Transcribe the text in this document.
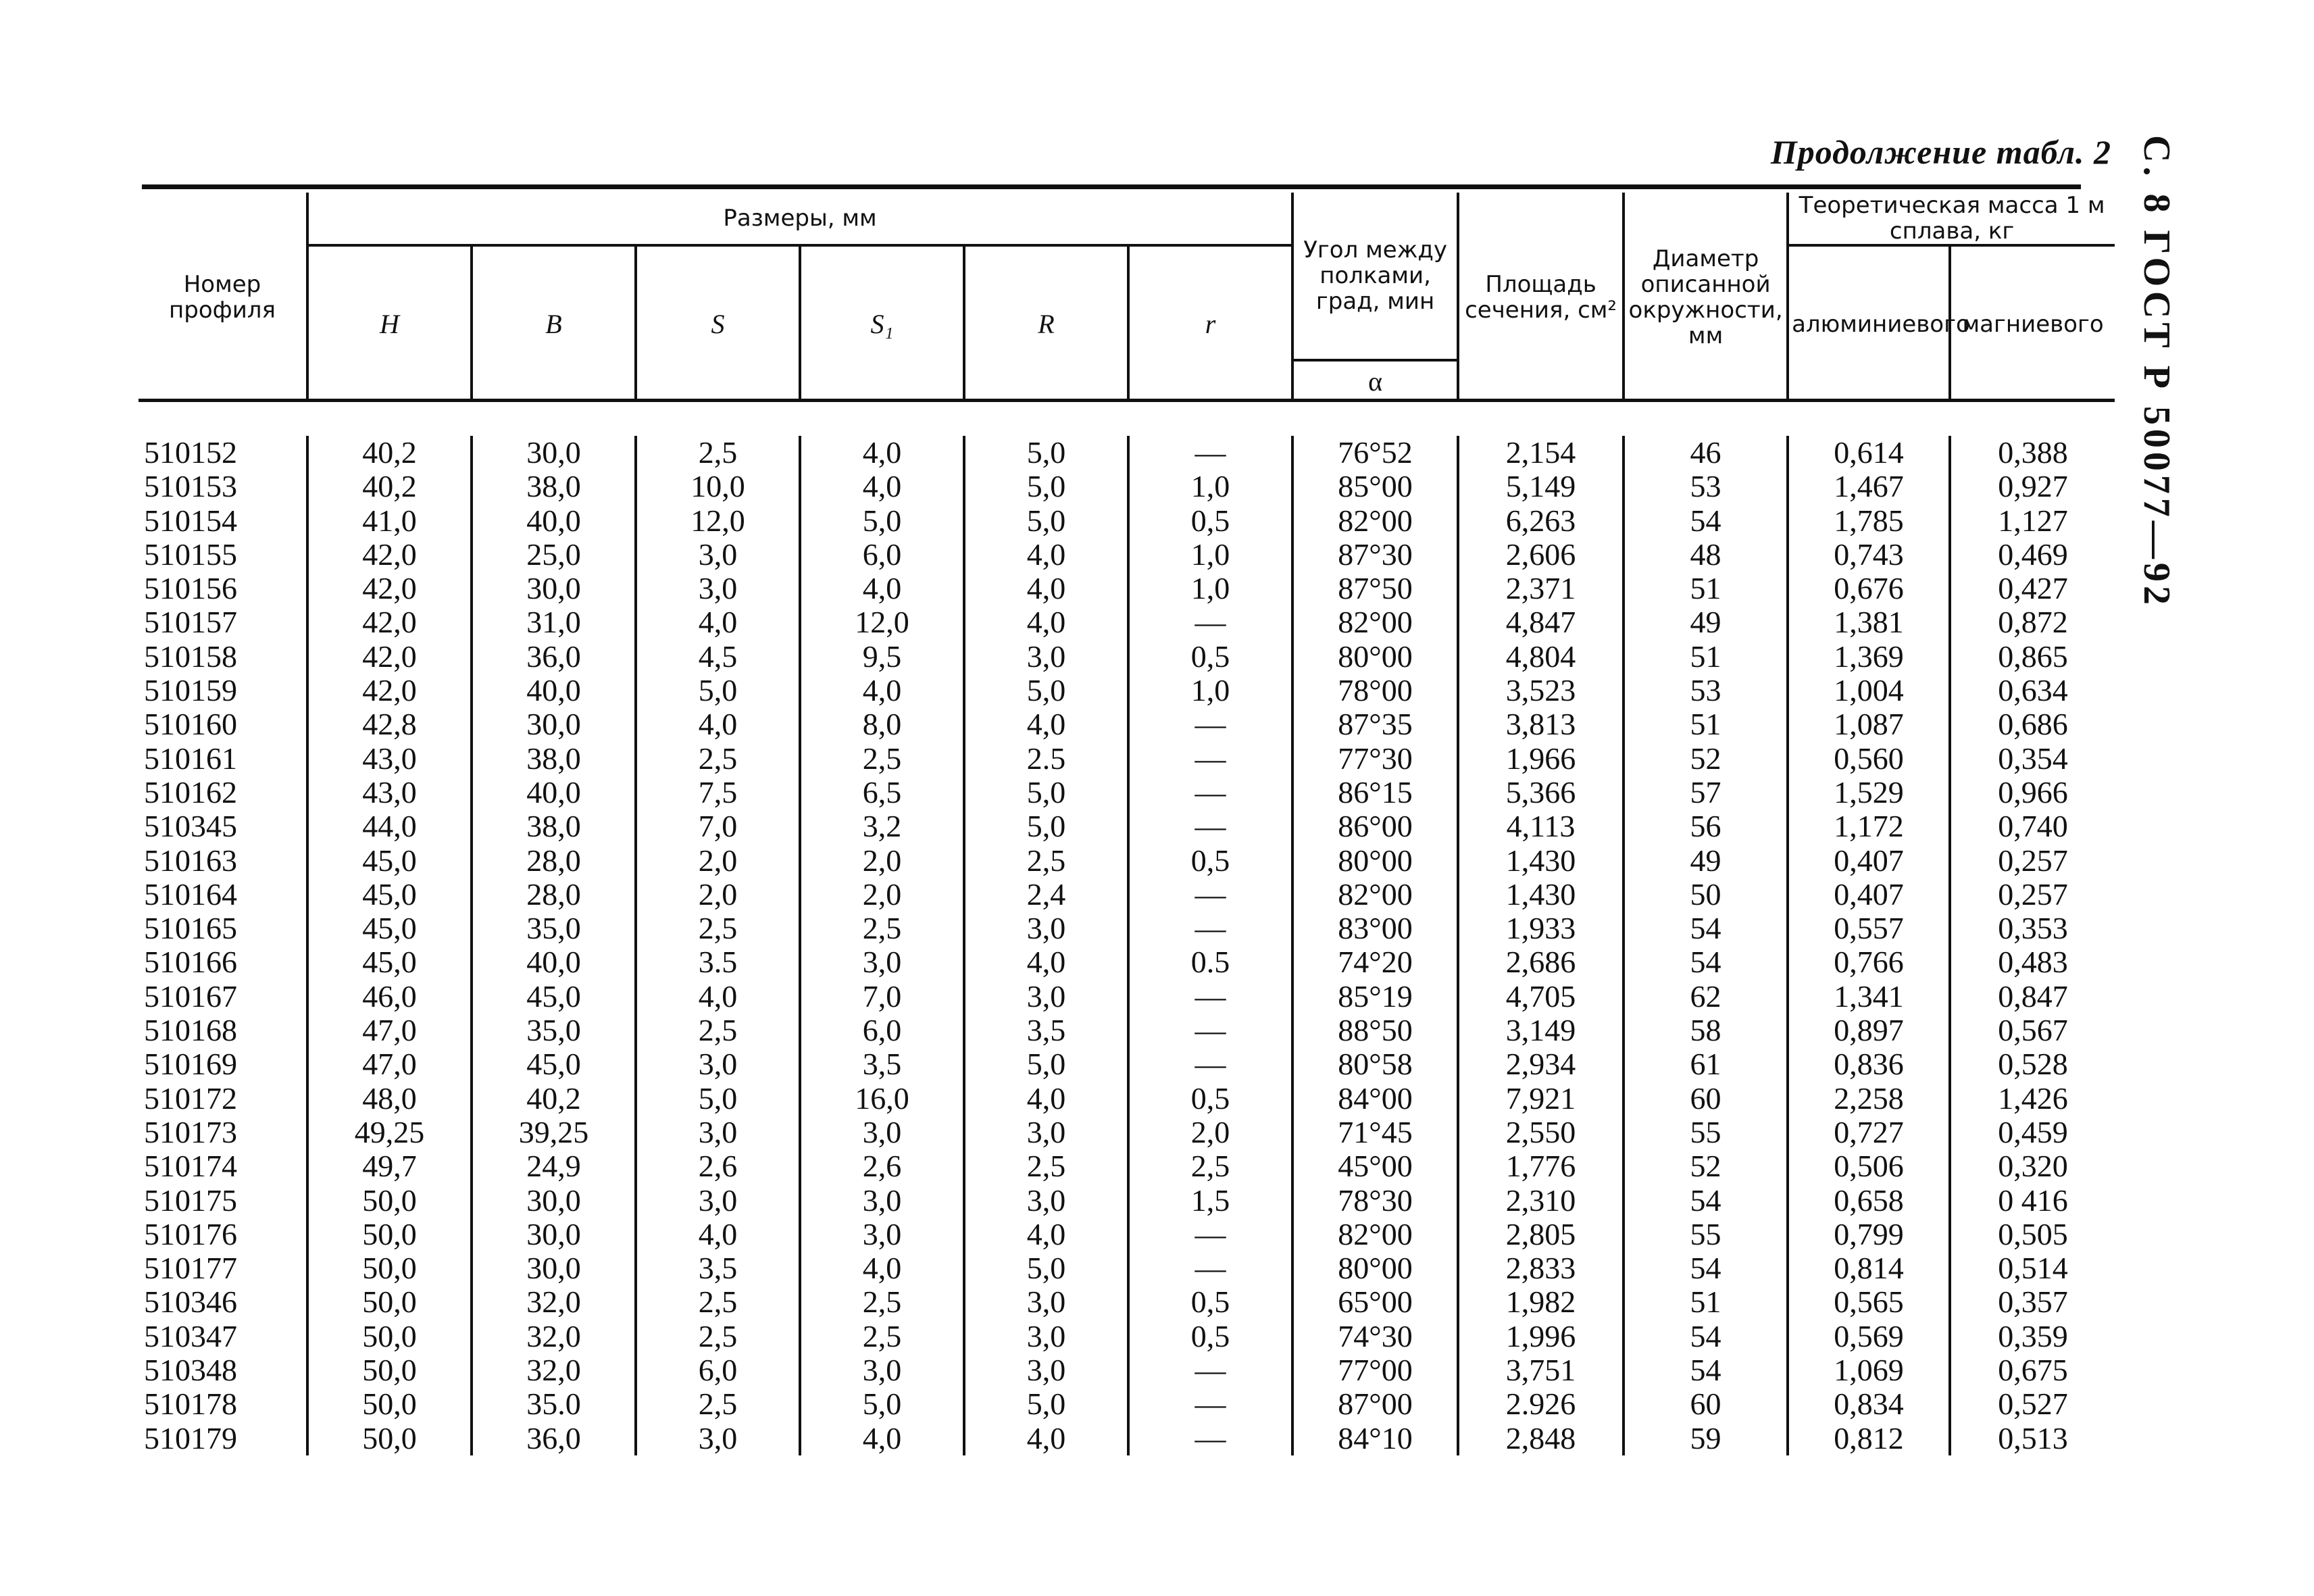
Продолжение табл. 2 С. 8 ГОСТ Р 50077—92
Номер профиля	Размеры, мм						Угол между полками, град, мин	Площадь сечения, см²	Диаметр описанной окружности, мм	Теоретическая масса 1 м сплава, кг	
	H	B	S	S₁	R	r				алюминиевого	магниевого
							α				
510152	40,2	30,0	2,5	4,0	5,0	—	76°52	2,154	46	0,614	0,388
510153	40,2	38,0	10,0	4,0	5,0	1,0	85°00	5,149	53	1,467	0,927
510154	41,0	40,0	12,0	5,0	5,0	0,5	82°00	6,263	54	1,785	1,127
510155	42,0	25,0	3,0	6,0	4,0	1,0	87°30	2,606	48	0,743	0,469
510156	42,0	30,0	3,0	4,0	4,0	1,0	87°50	2,371	51	0,676	0,427
510157	42,0	31,0	4,0	12,0	4,0	—	82°00	4,847	49	1,381	0,872
510158	42,0	36,0	4,5	9,5	3,0	0,5	80°00	4,804	51	1,369	0,865
510159	42,0	40,0	5,0	4,0	5,0	1,0	78°00	3,523	53	1,004	0,634
510160	42,8	30,0	4,0	8,0	4,0	—	87°35	3,813	51	1,087	0,686
510161	43,0	38,0	2,5	2,5	2.5	—	77°30	1,966	52	0,560	0,354
510162	43,0	40,0	7,5	6,5	5,0	—	86°15	5,366	57	1,529	0,966
510345	44,0	38,0	7,0	3,2	5,0	—	86°00	4,113	56	1,172	0,740
510163	45,0	28,0	2,0	2,0	2,5	0,5	80°00	1,430	49	0,407	0,257
510164	45,0	28,0	2,0	2,0	2,4	—	82°00	1,430	50	0,407	0,257
510165	45,0	35,0	2,5	2,5	3,0	—	83°00	1,933	54	0,557	0,353
510166	45,0	40,0	3.5	3,0	4,0	0.5	74°20	2,686	54	0,766	0,483
510167	46,0	45,0	4,0	7,0	3,0	—	85°19	4,705	62	1,341	0,847
510168	47,0	35,0	2,5	6,0	3,5	—	88°50	3,149	58	0,897	0,567
510169	47,0	45,0	3,0	3,5	5,0	—	80°58	2,934	61	0,836	0,528
510172	48,0	40,2	5,0	16,0	4,0	0,5	84°00	7,921	60	2,258	1,426
510173	49,25	39,25	3,0	3,0	3,0	2,0	71°45	2,550	55	0,727	0,459
510174	49,7	24,9	2,6	2,6	2,5	2,5	45°00	1,776	52	0,506	0,320
510175	50,0	30,0	3,0	3,0	3,0	1,5	78°30	2,310	54	0,658	0 416
510176	50,0	30,0	4,0	3,0	4,0	—	82°00	2,805	55	0,799	0,505
510177	50,0	30,0	3,5	4,0	5,0	—	80°00	2,833	54	0,814	0,514
510346	50,0	32,0	2,5	2,5	3,0	0,5	65°00	1,982	51	0,565	0,357
510347	50,0	32,0	2,5	2,5	3,0	0,5	74°30	1,996	54	0,569	0,359
510348	50,0	32,0	6,0	3,0	3,0	—	77°00	3,751	54	1,069	0,675
510178	50,0	35.0	2,5	5,0	5,0	—	87°00	2.926	60	0,834	0,527
510179	50,0	36,0	3,0	4,0	4,0	—	84°10	2,848	59	0,812	0,513
